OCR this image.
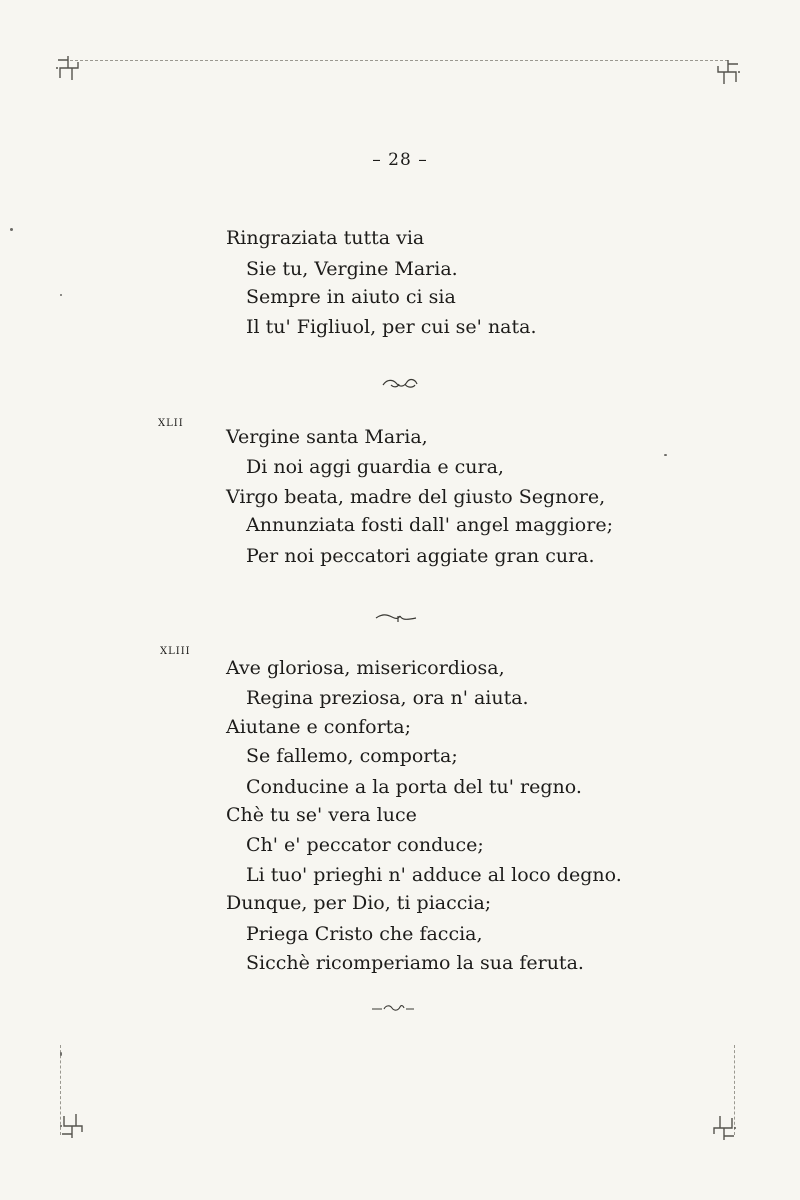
– 28 –
Ringraziata tutta via
Sie tu, Vergine Maria.
Sempre in aiuto ci sia
Il tu' Figliuol, per cui se' nata.
XLII
Vergine santa Maria,
Di noi aggi guardia e cura,
Virgo beata, madre del giusto Segnore,
Annunziata fosti dall' angel maggiore;
Per noi peccatori aggiate gran cura.
XLIII
Ave gloriosa, misericordiosa,
Regina preziosa, ora n' aiuta.
Aiutane e conforta;
Se fallemo, comporta;
Conducine a la porta del tu' regno.
Chè tu se' vera luce
Ch' e' peccator conduce;
Li tuo' prieghi n' adduce al loco degno.
Dunque, per Dio, ti piaccia;
Priega Cristo che faccia,
Sicchè ricomperiamo la sua feruta.
